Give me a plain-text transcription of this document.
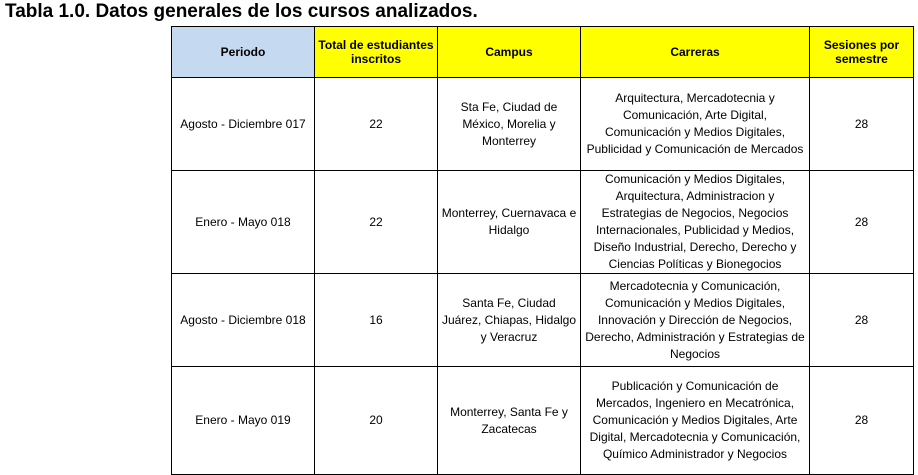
Tabla 1.0. Datos generales de los cursos analizados.
Periodo	Total de estudiantes inscritos	Campus	Carreras	Sesiones por semestre
Agosto - Diciembre 017	22	Sta Fe, Ciudad de México, Morelia y Monterrey	Arquitectura, Mercadotecnia y Comunicación, Arte Digital, Comunicación y Medios Digitales, Publicidad y Comunicación de Mercados	28
Enero - Mayo 018	22	Monterrey, Cuernavaca e Hidalgo	Comunicación y Medios Digitales, Arquitectura, Administracion y Estrategias de Negocios, Negocios Internacionales, Publicidad y Medios, Diseño Industrial, Derecho, Derecho y Ciencias Políticas y Bionegocios	28
Agosto - Diciembre 018	16	Santa Fe, Ciudad Juárez, Chiapas, Hidalgo y Veracruz	Mercadotecnia y Comunicación, Comunicación y Medios Digitales, Innovación y Dirección de Negocios, Derecho, Administración y Estrategias de Negocios	28
Enero - Mayo 019	20	Monterrey, Santa Fe y Zacatecas	Publicación y Comunicación de Mercados, Ingeniero en Mecatrónica, Comunicación y Medios Digitales, Arte Digital, Mercadotecnia y Comunicación, Químico Administrador y Negocios	28
